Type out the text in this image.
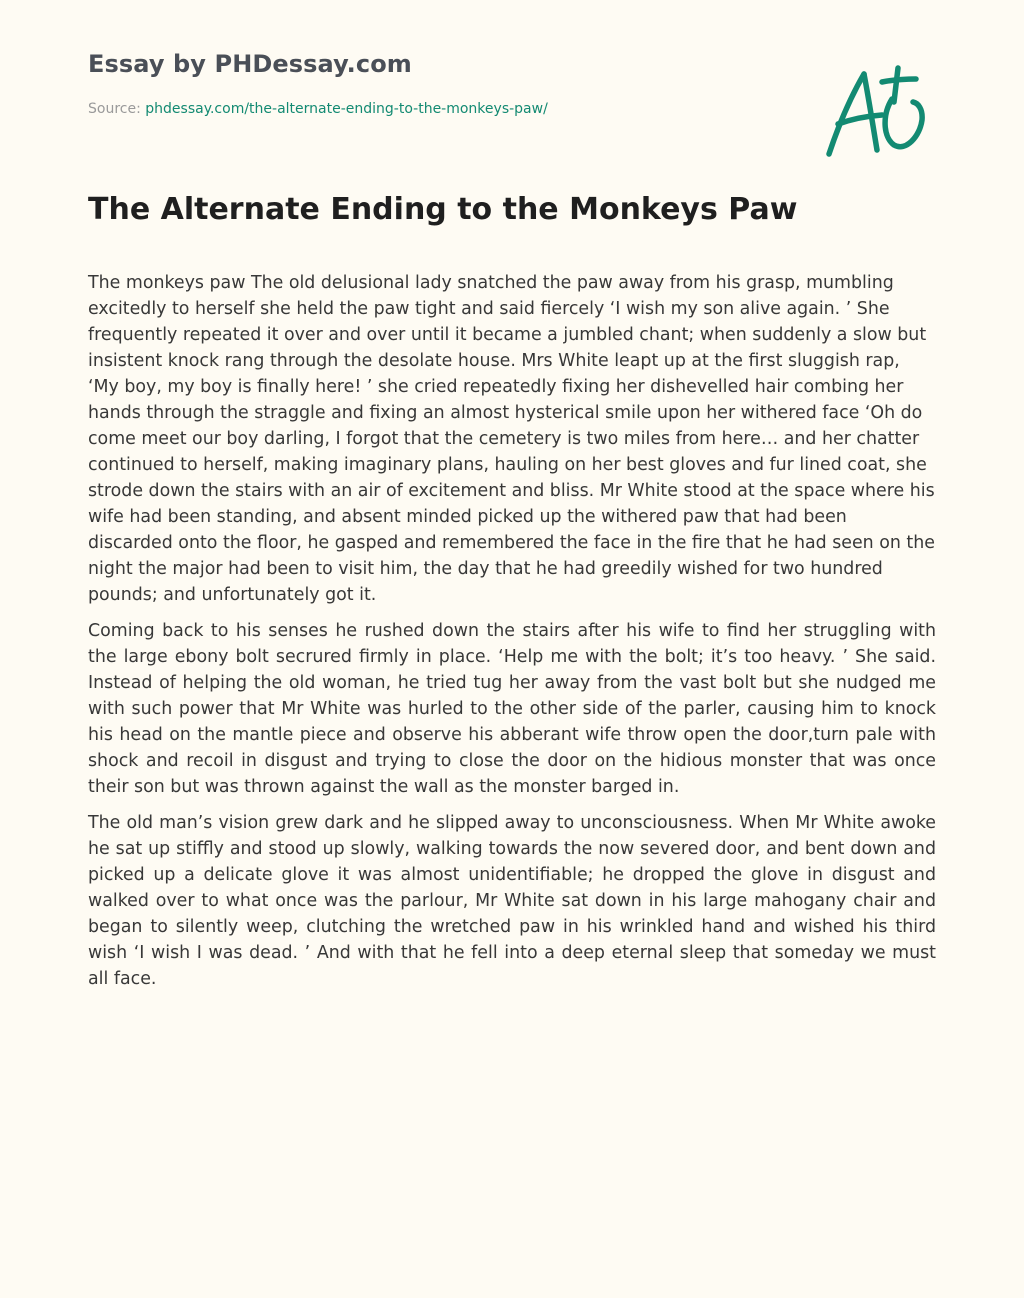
Essay by PHDessay.com
Source: phdessay.com/the-alternate-ending-to-the-monkeys-paw/
The Alternate Ending to the Monkeys Paw

The monkeys paw The old delusional lady snatched the paw away from his grasp, mumbling excitedly to herself she held the paw tight and said fiercely ‘I wish my son alive again. ’ She frequently repeated it over and over until it became a jumbled chant; when suddenly a slow but insistent knock rang through the desolate house. Mrs White leapt up at the first sluggish rap, ‘My boy, my boy is finally here! ’ she cried repeatedly fixing her dishevelled hair combing her hands through the straggle and fixing an almost hysterical smile upon her withered face ‘Oh do come meet our boy darling, I forgot that the cemetery is two miles from here… and her chatter continued to herself, making imaginary plans, hauling on her best gloves and fur lined coat, she strode down the stairs with an air of excitement and bliss. Mr White stood at the space where his wife had been standing, and absent minded picked up the withered paw that had been discarded onto the floor, he gasped and remembered the face in the fire that he had seen on the night the major had been to visit him, the day that he had greedily wished for two hundred pounds; and unfortunately got it.

Coming back to his senses he rushed down the stairs after his wife to find her struggling with the large ebony bolt secrured firmly in place. ‘Help me with the bolt; it’s too heavy. ’ She said. Instead of helping the old woman, he tried tug her away from the vast bolt but she nudged me with such power that Mr White was hurled to the other side of the parler, causing him to knock his head on the mantle piece and observe his abberant wife throw open the door,turn pale with shock and recoil in disgust and trying to close the door on the hidious monster that was once their son but was thrown against the wall as the monster barged in.

The old man’s vision grew dark and he slipped away to unconsciousness. When Mr White awoke he sat up stiffly and stood up slowly, walking towards the now severed door, and bent down and picked up a delicate glove it was almost unidentifiable; he dropped the glove in disgust and walked over to what once was the parlour, Mr White sat down in his large mahogany chair and began to silently weep, clutching the wretched paw in his wrinkled hand and wished his third wish ‘I wish I was dead. ’ And with that he fell into a deep eternal sleep that someday we must all face.
